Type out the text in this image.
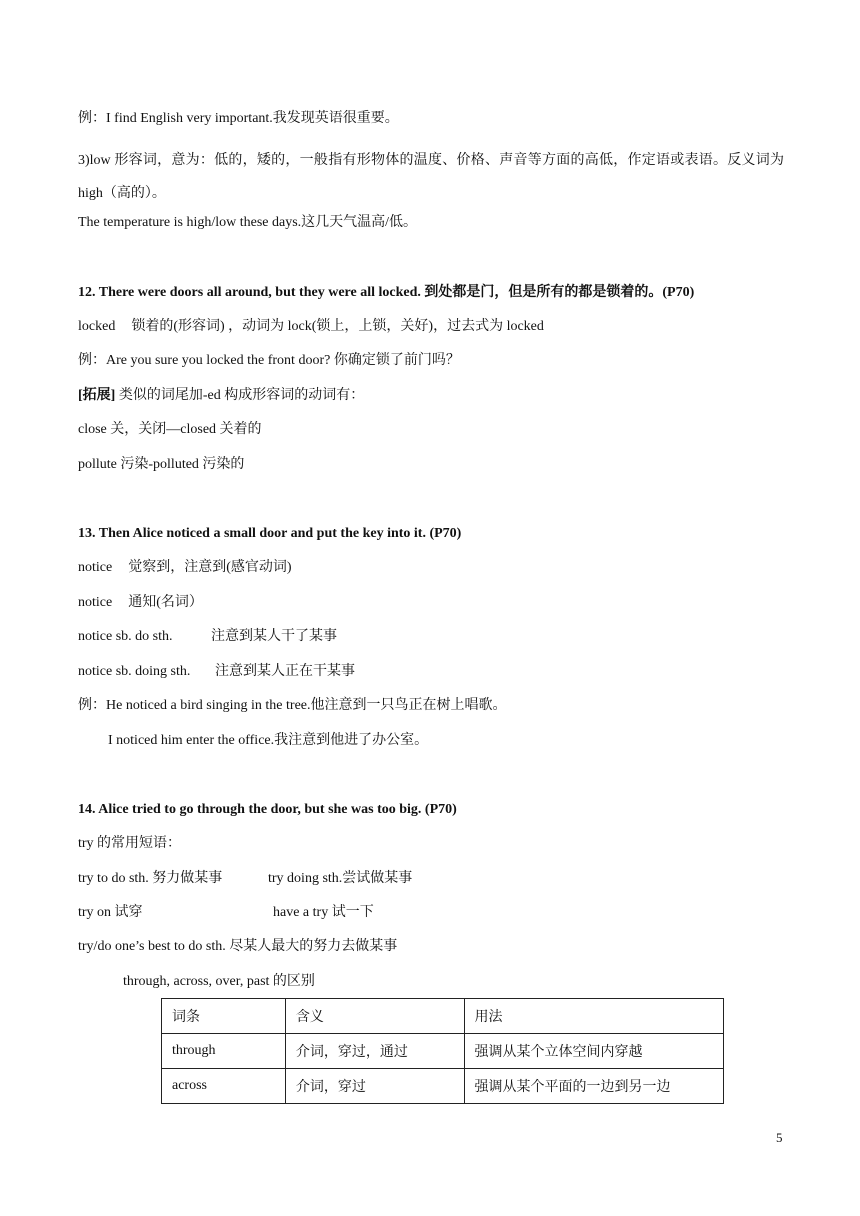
例：I find English very important.我发现英语很重要。
3)low 形容词，意为：低的，矮的，一般指有形物体的温度、价格、声音等方面的高低，作定语或表语。反义词为 high（高的）。
The temperature is high/low these days.这几天气温高/低。
12. There were doors all around, but they were all locked. 到处都是门，但是所有的都是锁着的。(P70)
locked 锁着的(形容词) ，动词为 lock(锁上，上锁，关好)，过去式为 locked
例：Are you sure you locked the front door? 你确定锁了前门吗？
[拓展] 类似的词尾加-ed 构成形容词的动词有：
close 关，关闭—closed 关着的
pollute 污染-polluted 污染的
13. Then Alice noticed a small door and put the key into it. (P70)
notice 觉察到，注意到(感官动词)
notice 通知(名词）
notice sb. do sth.	注意到某人干了某事
notice sb. doing sth. 注意到某人正在干某事
例：He noticed a bird singing in the tree.他注意到一只鸟正在树上唱歌。
I noticed him enter the office.我注意到他进了办公室。
14. Alice tried to go through the door, but she was too big. (P70)
try 的常用短语：
try to do sth. 努力做某事	try doing sth.尝试做某事
try on 试穿	have a try 试一下
try/do one’s best to do sth. 尽某人最大的努力去做某事
through, across, over, past 的区别
词条	含义	用法
through	介词，穿过，通过	强调从某个立体空间内穿越
across	介词，穿过	强调从某个平面的一边到另一边
5
